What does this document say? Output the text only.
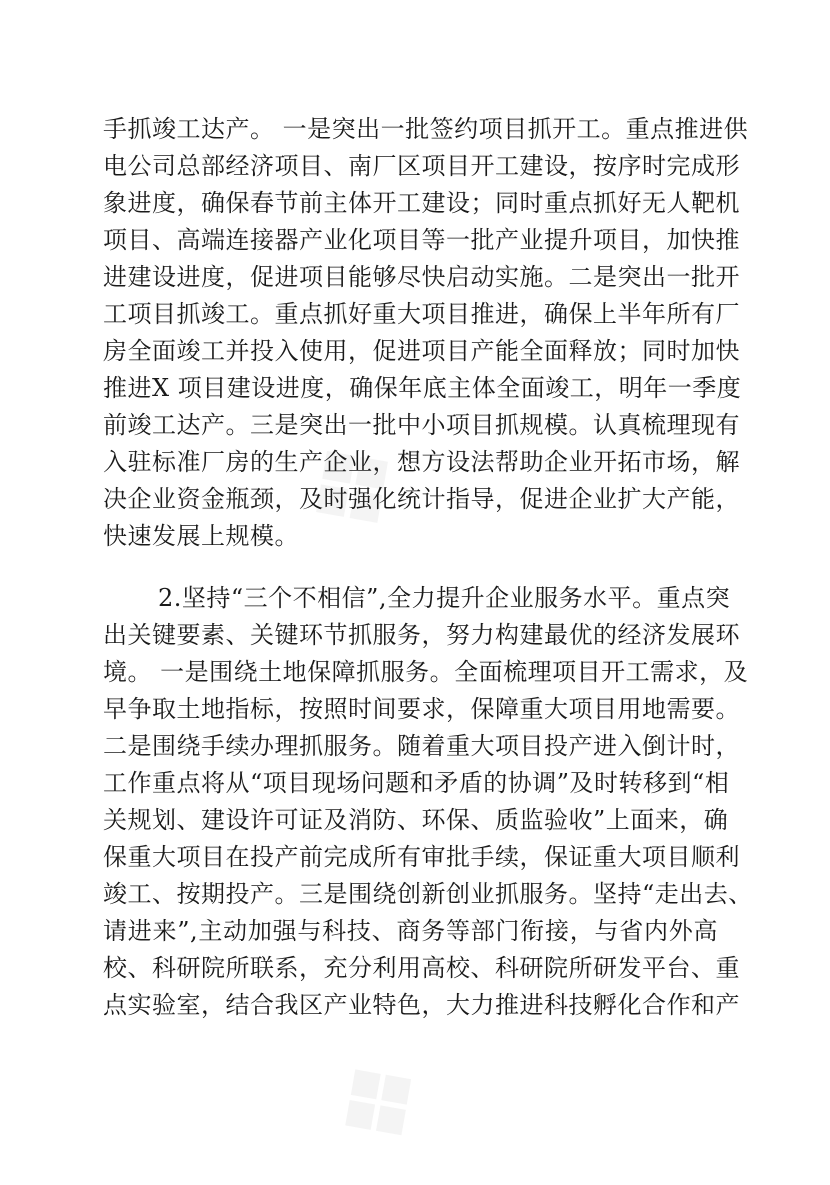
❖
❖
手抓竣工达产。 一是突出一批签约项目抓开工。重点推进供
电公司总部经济项目、南厂区项目开工建设，按序时完成形
象进度，确保春节前主体开工建设；同时重点抓好无人靶机
项目、高端连接器产业化项目等一批产业提升项目，加快推
进建设进度，促进项目能够尽快启动实施。二是突出一批开
工项目抓竣工。重点抓好重大项目推进，确保上半年所有厂
房全面竣工并投入使用，促进项目产能全面释放；同时加快
推进X 项目建设进度，确保年底主体全面竣工，明年一季度
前竣工达产。三是突出一批中小项目抓规模。认真梳理现有
入驻标准厂房的生产企业，想方设法帮助企业开拓市场，解
决企业资金瓶颈，及时强化统计指导，促进企业扩大产能，
快速发展上规模。
2.坚持“三个不相信”,全力提升企业服务水平。重点突
出关键要素、关键环节抓服务，努力构建最优的经济发展环
境。 一是围绕土地保障抓服务。全面梳理项目开工需求，及
早争取土地指标，按照时间要求，保障重大项目用地需要。
二是围绕手续办理抓服务。随着重大项目投产进入倒计时，
工作重点将从“项目现场问题和矛盾的协调”及时转移到“相
关规划、建设许可证及消防、环保、质监验收”上面来，确
保重大项目在投产前完成所有审批手续，保证重大项目顺利
竣工、按期投产。三是围绕创新创业抓服务。坚持“走出去、
请进来”,主动加强与科技、商务等部门衔接，与省内外高
校、科研院所联系，充分利用高校、科研院所研发平台、重
点实验室，结合我区产业特色，大力推进科技孵化合作和产
